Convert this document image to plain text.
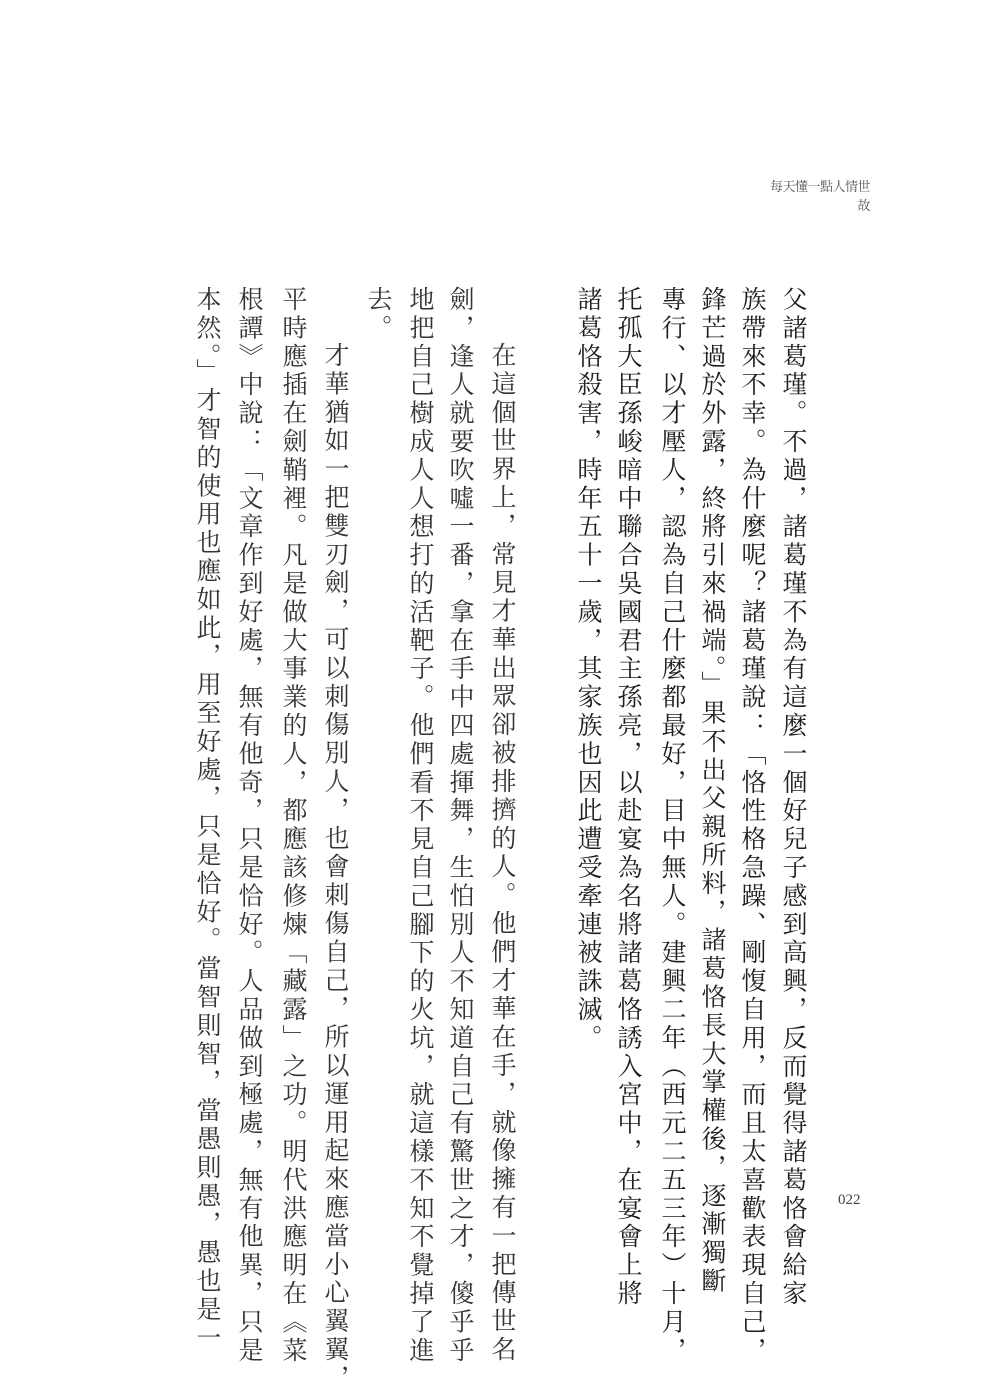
每天懂一點人情世故
父諸葛瑾。不過，諸葛瑾不為有這麼一個好兒子感到高興，反而覺得諸葛恪會給家
族帶來不幸。為什麼呢？諸葛瑾說：「恪性格急躁、剛愎自用，而且太喜歡表現自己，
鋒芒過於外露，終將引來禍端。」果不出父親所料，諸葛恪長大掌權後，逐漸獨斷
專行、以才壓人，認為自己什麼都最好，目中無人。建興二年（西元二五三年）十月，
托孤大臣孫峻暗中聯合吳國君主孫亮，以赴宴為名將諸葛恪誘入宮中，在宴會上將
諸葛恪殺害，時年五十一歲，其家族也因此遭受牽連被誅滅。
在這個世界上，常見才華出眾卻被排擠的人。他們才華在手，就像擁有一把傳世名
劍，逢人就要吹噓一番，拿在手中四處揮舞，生怕別人不知道自己有驚世之才，傻乎乎
地把自己樹成人人想打的活靶子。他們看不見自己腳下的火坑，就這樣不知不覺掉了進
去。
才華猶如一把雙刃劍，可以刺傷別人，也會刺傷自己，所以運用起來應當小心翼翼，
平時應插在劍鞘裡。凡是做大事業的人，都應該修煉「藏露」之功。明代洪應明在《菜
根譚》中說：「文章作到好處，無有他奇，只是恰好。人品做到極處，無有他異，只是
本然。」才智的使用也應如此，用至好處，只是恰好。當智則智，當愚則愚，愚也是一	022
